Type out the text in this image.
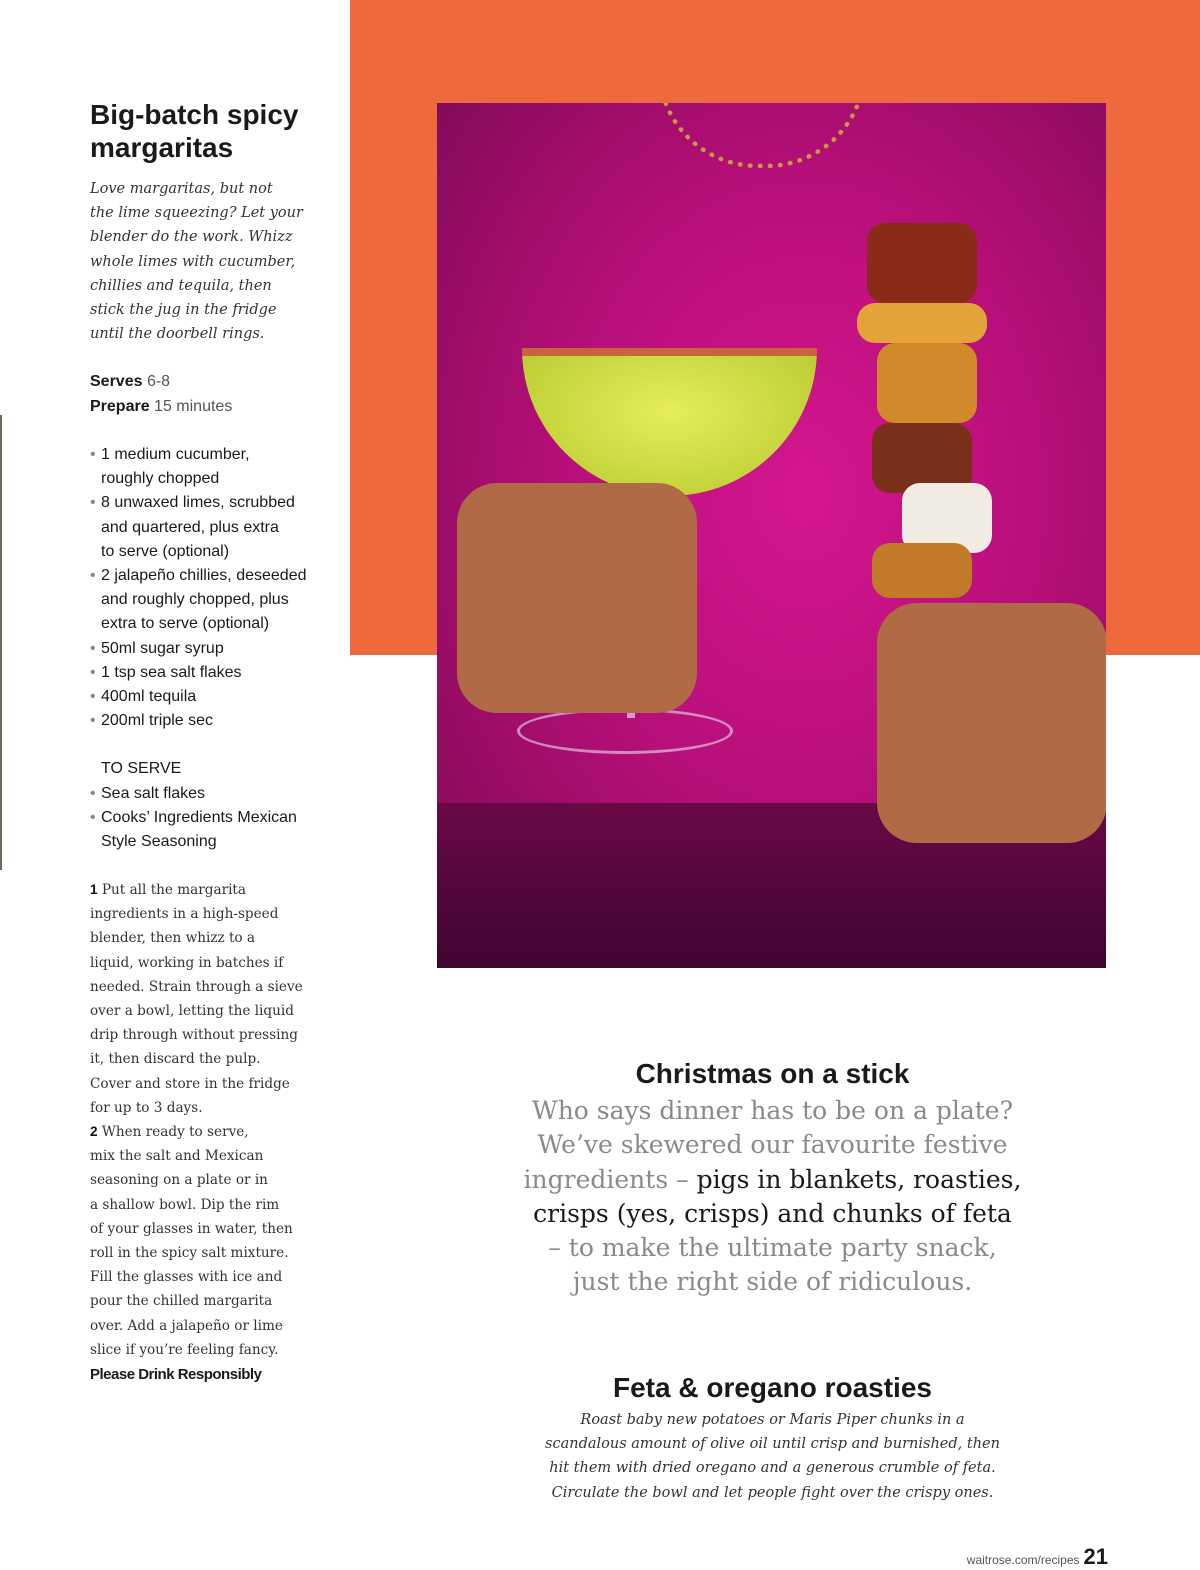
Big-batch spicy
margaritas
Love margaritas, but not
the lime squeezing? Let your
blender do the work. Whizz
whole limes with cucumber,
chillies and tequila, then
stick the jug in the fridge
until the doorbell rings.
Serves 6-8
Prepare 15 minutes
• 1 medium cucumber,
roughly chopped
• 8 unwaxed limes, scrubbed
and quartered, plus extra
to serve (optional)
• 2 jalapeño chillies, deseeded
and roughly chopped, plus
extra to serve (optional)
• 50ml sugar syrup
• 1 tsp sea salt flakes
• 400ml tequila
• 200ml triple sec
TO SERVE
• Sea salt flakes
• Cooks’ Ingredients Mexican
Style Seasoning
1 Put all the margarita
ingredients in a high-speed
blender, then whizz to a
liquid, working in batches if
needed. Strain through a sieve
over a bowl, letting the liquid
drip through without pressing
it, then discard the pulp.
Cover and store in the fridge
for up to 3 days.
2 When ready to serve,
mix the salt and Mexican
seasoning on a plate or in
a shallow bowl. Dip the rim
of your glasses in water, then
roll in the spicy salt mixture.
Fill the glasses with ice and
pour the chilled margarita
over. Add a jalapeño or lime
slice if you’re feeling fancy.
Please Drink Responsibly
Christmas on a stick
Who says dinner has to be on a plate?
We’ve skewered our favourite festive
ingredients – pigs in blankets, roasties,
crisps (yes, crisps) and chunks of feta
– to make the ultimate party snack,
just the right side of ridiculous.
Feta & oregano roasties
Roast baby new potatoes or Maris Piper chunks in a
scandalous amount of olive oil until crisp and burnished, then
hit them with dried oregano and a generous crumble of feta.
Circulate the bowl and let people fight over the crispy ones.
waitrose.com/recipes 21
